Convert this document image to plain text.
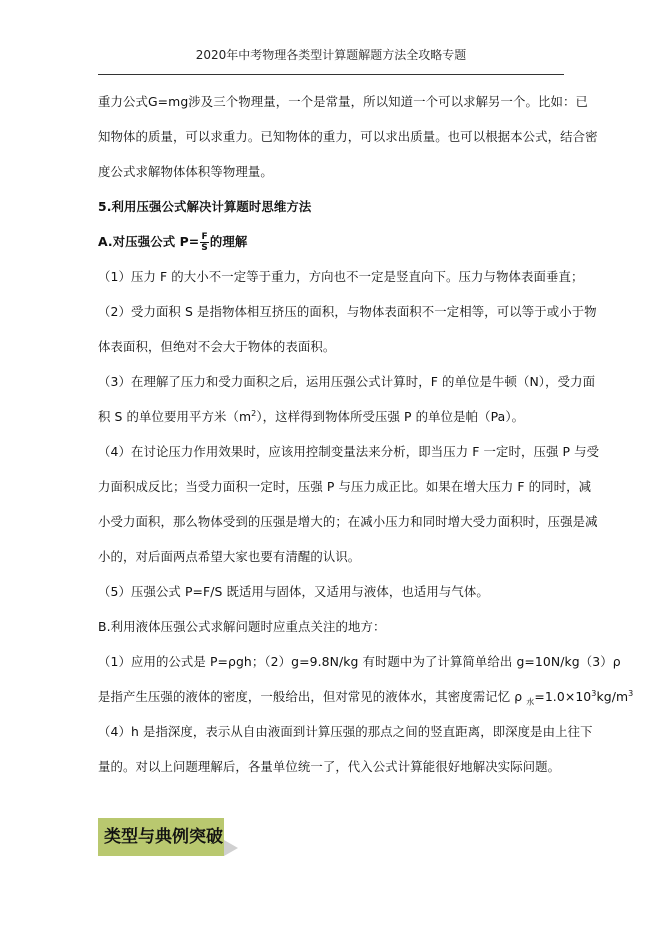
2020年中考物理各类型计算题解题方法全攻略专题

重力公式G=mg涉及三个物理量，一个是常量，所以知道一个可以求解另一个。比如：已

知物体的质量，可以求重力。已知物体的重力，可以求出质量。也可以根据本公式，结合密

度公式求解物体体积等物理量。

5.利用压强公式解决计算题时思维方法

A.对压强公式 $P= \frac{F}{S}$ 的理解

（1）压力 F 的大小不一定等于重力，方向也不一定是竖直向下。压力与物体表面垂直；

（2）受力面积 S 是指物体相互挤压的面积，与物体表面积不一定相等，可以等于或小于物

体表面积，但绝对不会大于物体的表面积。

（3）在理解了压力和受力面积之后，运用压强公式计算时，F 的单位是牛顿（N），受力面

积 S 的单位要用平方米$(m^2)$，这样得到物体所受压强 P 的单位是帕（Pa）。

（4）在讨论压力作用效果时，应该用控制变量法来分析，即当压力 F 一定时，压强 P 与受

力面积成反比；当受力面积一定时，压强 P 与压力成正比。如果在增大压力 F 的同时，减

小受力面积，那么物体受到的压强是增大的；在减小压力和同时增大受力面积时，压强是减

小的，对后面两点希望大家也要有清醒的认识。

（5）压强公式 P=F/S 既适用与固体，又适用与液体，也适用与气体。

B.利用液体压强公式求解问题时应重点关注的地方：

（1）应用的公式是 P=ρgh；（2）g=9.8N/kg 有时题中为了计算简单给出 g=10N/kg（3）ρ

是指产生压强的液体的密度，一般给出，但对常见的液体水，其密度需记忆 ρ $_水=1.0\times 10^3kg/m^3$

（4）h 是指深度，表示从自由液面到计算压强的那点之间的竖直距离，即深度是由上往下

量的。对以上问题理解后，各量单位统一了，代入公式计算能很好地解决实际问题。

类型与典例突破
